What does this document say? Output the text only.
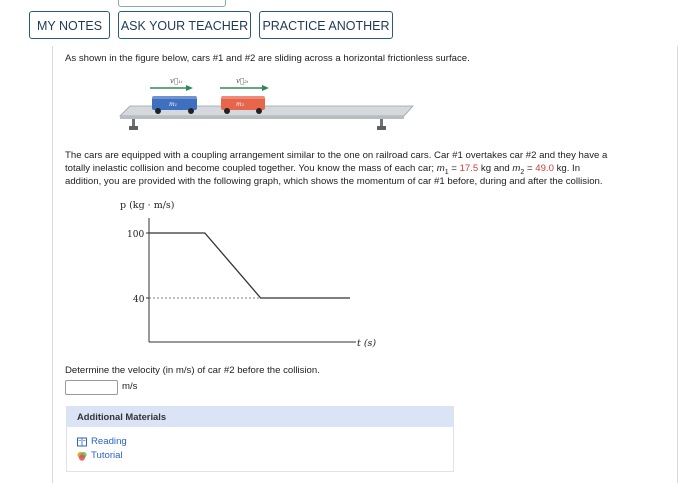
MY NOTES	ASK YOUR TEACHER PRACTICE ANOTHER
As shown in the figure below, cars #1 and #2 are sliding across a horizontal frictionless surface.
v⃗₁ᵢ	v⃗₂ᵢ
m₁	m₂
The cars are equipped with a coupling arrangement similar to the one on railroad cars. Car #1 overtakes car #2 and they have a
totally inelastic collision and become coupled together. You know the mass of each car; $m_1 = 17.5$ kg and $m_2 = 49.0$ kg. In
addition, you are provided with the following graph, which shows the momentum of car #1 before, during and after the collision.
p (kg · m/s)
t (s)
100
40
Determine the velocity (in m/s) of car #2 before the collision.
m/s
Additional Materials
Reading
Tutorial
